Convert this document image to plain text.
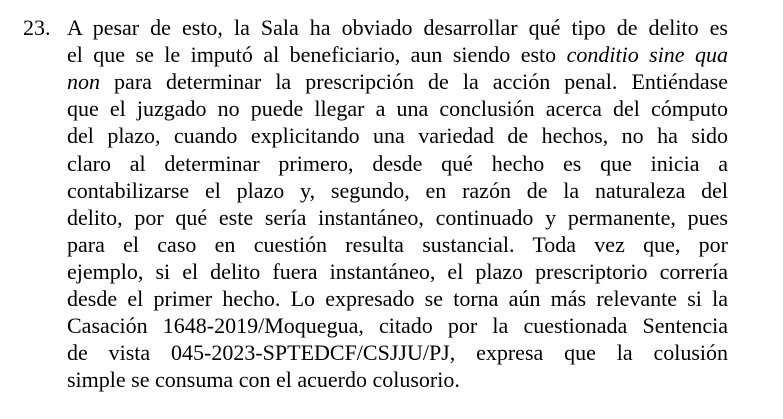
23. A pesar de esto, la Sala ha obviado desarrollar qué tipo de delito es
el que se le imputó al beneficiario, aun siendo esto conditio sine qua
non para determinar la prescripción de la acción penal. Entiéndase
que el juzgado no puede llegar a una conclusión acerca del cómputo
del plazo, cuando explicitando una variedad de hechos, no ha sido
claro al determinar primero, desde qué hecho es que inicia a
contabilizarse el plazo y, segundo, en razón de la naturaleza del
delito, por qué este sería instantáneo, continuado y permanente, pues
para el caso en cuestión resulta sustancial. Toda vez que, por
ejemplo, si el delito fuera instantáneo, el plazo prescriptorio correría
desde el primer hecho. Lo expresado se torna aún más relevante si la
Casación 1648-2019/Moquegua, citado por la cuestionada Sentencia
de vista 045-2023-SPTEDCF/CSJJU/PJ, expresa que la colusión
simple se consuma con el acuerdo colusorio.
